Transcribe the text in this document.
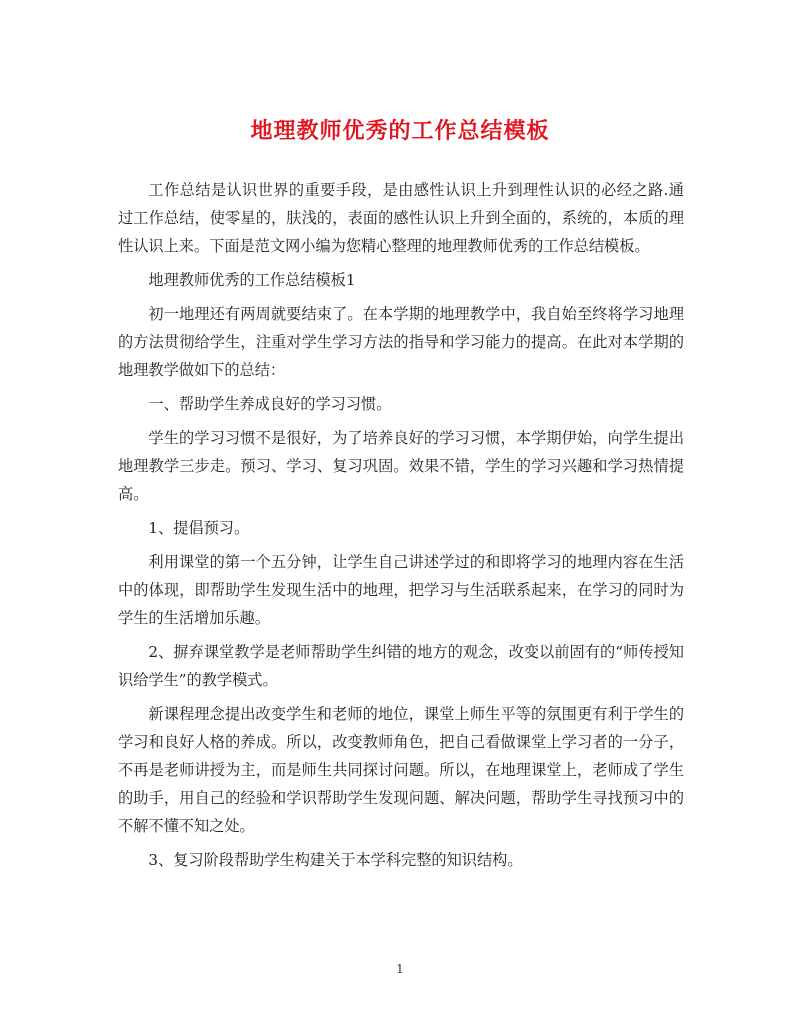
地理教师优秀的工作总结模板

工作总结是认识世界的重要手段，是由感性认识上升到理性认识的必经之路.通过工作总结，使零星的，肤浅的，表面的感性认识上升到全面的，系统的，本质的理性认识上来。下面是范文网小编为您精心整理的地理教师优秀的工作总结模板。

地理教师优秀的工作总结模板1

初一地理还有两周就要结束了。在本学期的地理教学中，我自始至终将学习地理的方法贯彻给学生，注重对学生学习方法的指导和学习能力的提高。在此对本学期的地理教学做如下的总结：

一、帮助学生养成良好的学习习惯。

学生的学习习惯不是很好，为了培养良好的学习习惯，本学期伊始，向学生提出地理教学三步走。预习、学习、复习巩固。效果不错，学生的学习兴趣和学习热情提高。

1、提倡预习。

利用课堂的第一个五分钟，让学生自己讲述学过的和即将学习的地理内容在生活中的体现，即帮助学生发现生活中的地理，把学习与生活联系起来，在学习的同时为学生的生活增加乐趣。

2、摒弃课堂教学是老师帮助学生纠错的地方的观念，改变以前固有的“师传授知识给学生”的教学模式。

新课程理念提出改变学生和老师的地位，课堂上师生平等的氛围更有利于学生的学习和良好人格的养成。所以，改变教师角色，把自己看做课堂上学习者的一分子，不再是老师讲授为主，而是师生共同探讨问题。所以，在地理课堂上，老师成了学生的助手，用自己的经验和学识帮助学生发现问题、解决问题，帮助学生寻找预习中的不解不懂不知之处。

3、复习阶段帮助学生构建关于本学科完整的知识结构。

1
